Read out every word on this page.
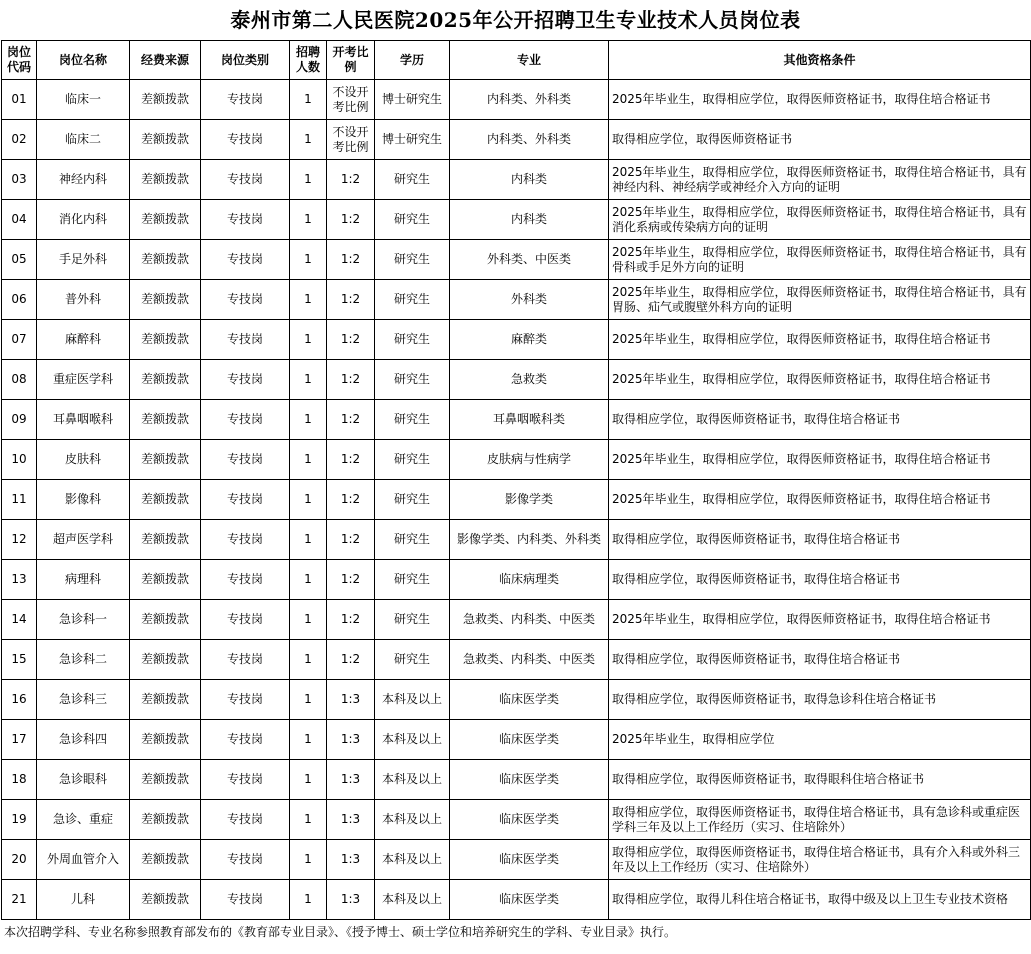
泰州市第二人民医院2025年公开招聘卫生专业技术人员岗位表
岗位代码	岗位名称	经费来源	岗位类别	招聘人数	开考比例	学历	专业	其他资格条件
01	临床一	差额拨款	专技岗	1	不设开考比例	博士研究生	内科类、外科类	2025年毕业生，取得相应学位，取得医师资格证书，取得住培合格证书
02	临床二	差额拨款	专技岗	1	不设开考比例	博士研究生	内科类、外科类	取得相应学位，取得医师资格证书
03	神经内科	差额拨款	专技岗	1	1:2	研究生	内科类	2025年毕业生，取得相应学位，取得医师资格证书，取得住培合格证书，具有神经内科、神经病学或神经介入方向的证明
04	消化内科	差额拨款	专技岗	1	1:2	研究生	内科类	2025年毕业生，取得相应学位，取得医师资格证书，取得住培合格证书，具有消化系病或传染病方向的证明
05	手足外科	差额拨款	专技岗	1	1:2	研究生	外科类、中医类	2025年毕业生，取得相应学位，取得医师资格证书，取得住培合格证书，具有骨科或手足外方向的证明
06	普外科	差额拨款	专技岗	1	1:2	研究生	外科类	2025年毕业生，取得相应学位，取得医师资格证书，取得住培合格证书，具有胃肠、疝气或腹壁外科方向的证明
07	麻醉科	差额拨款	专技岗	1	1:2	研究生	麻醉类	2025年毕业生，取得相应学位，取得医师资格证书，取得住培合格证书
08	重症医学科	差额拨款	专技岗	1	1:2	研究生	急救类	2025年毕业生，取得相应学位，取得医师资格证书，取得住培合格证书
09	耳鼻咽喉科	差额拨款	专技岗	1	1:2	研究生	耳鼻咽喉科类	取得相应学位，取得医师资格证书，取得住培合格证书
10	皮肤科	差额拨款	专技岗	1	1:2	研究生	皮肤病与性病学	2025年毕业生，取得相应学位，取得医师资格证书，取得住培合格证书
11	影像科	差额拨款	专技岗	1	1:2	研究生	影像学类	2025年毕业生，取得相应学位，取得医师资格证书，取得住培合格证书
12	超声医学科	差额拨款	专技岗	1	1:2	研究生	影像学类、内科类、外科类	取得相应学位，取得医师资格证书，取得住培合格证书
13	病理科	差额拨款	专技岗	1	1:2	研究生	临床病理类	取得相应学位，取得医师资格证书，取得住培合格证书
14	急诊科一	差额拨款	专技岗	1	1:2	研究生	急救类、内科类、中医类	2025年毕业生，取得相应学位，取得医师资格证书，取得住培合格证书
15	急诊科二	差额拨款	专技岗	1	1:2	研究生	急救类、内科类、中医类	取得相应学位，取得医师资格证书，取得住培合格证书
16	急诊科三	差额拨款	专技岗	1	1:3	本科及以上	临床医学类	取得相应学位，取得医师资格证书，取得急诊科住培合格证书
17	急诊科四	差额拨款	专技岗	1	1:3	本科及以上	临床医学类	2025年毕业生，取得相应学位
18	急诊眼科	差额拨款	专技岗	1	1:3	本科及以上	临床医学类	取得相应学位，取得医师资格证书，取得眼科住培合格证书
19	急诊、重症	差额拨款	专技岗	1	1:3	本科及以上	临床医学类	取得相应学位，取得医师资格证书，取得住培合格证书，具有急诊科或重症医学科三年及以上工作经历（实习、住培除外）
20	外周血管介入	差额拨款	专技岗	1	1:3	本科及以上	临床医学类	取得相应学位，取得医师资格证书，取得住培合格证书，具有介入科或外科三年及以上工作经历（实习、住培除外）
21	儿科	差额拨款	专技岗	1	1:3	本科及以上	临床医学类	取得相应学位，取得儿科住培合格证书，取得中级及以上卫生专业技术资格
本次招聘学科、专业名称参照教育部发布的《教育部专业目录》、《授予博士、硕士学位和培养研究生的学科、专业目录》执行。
